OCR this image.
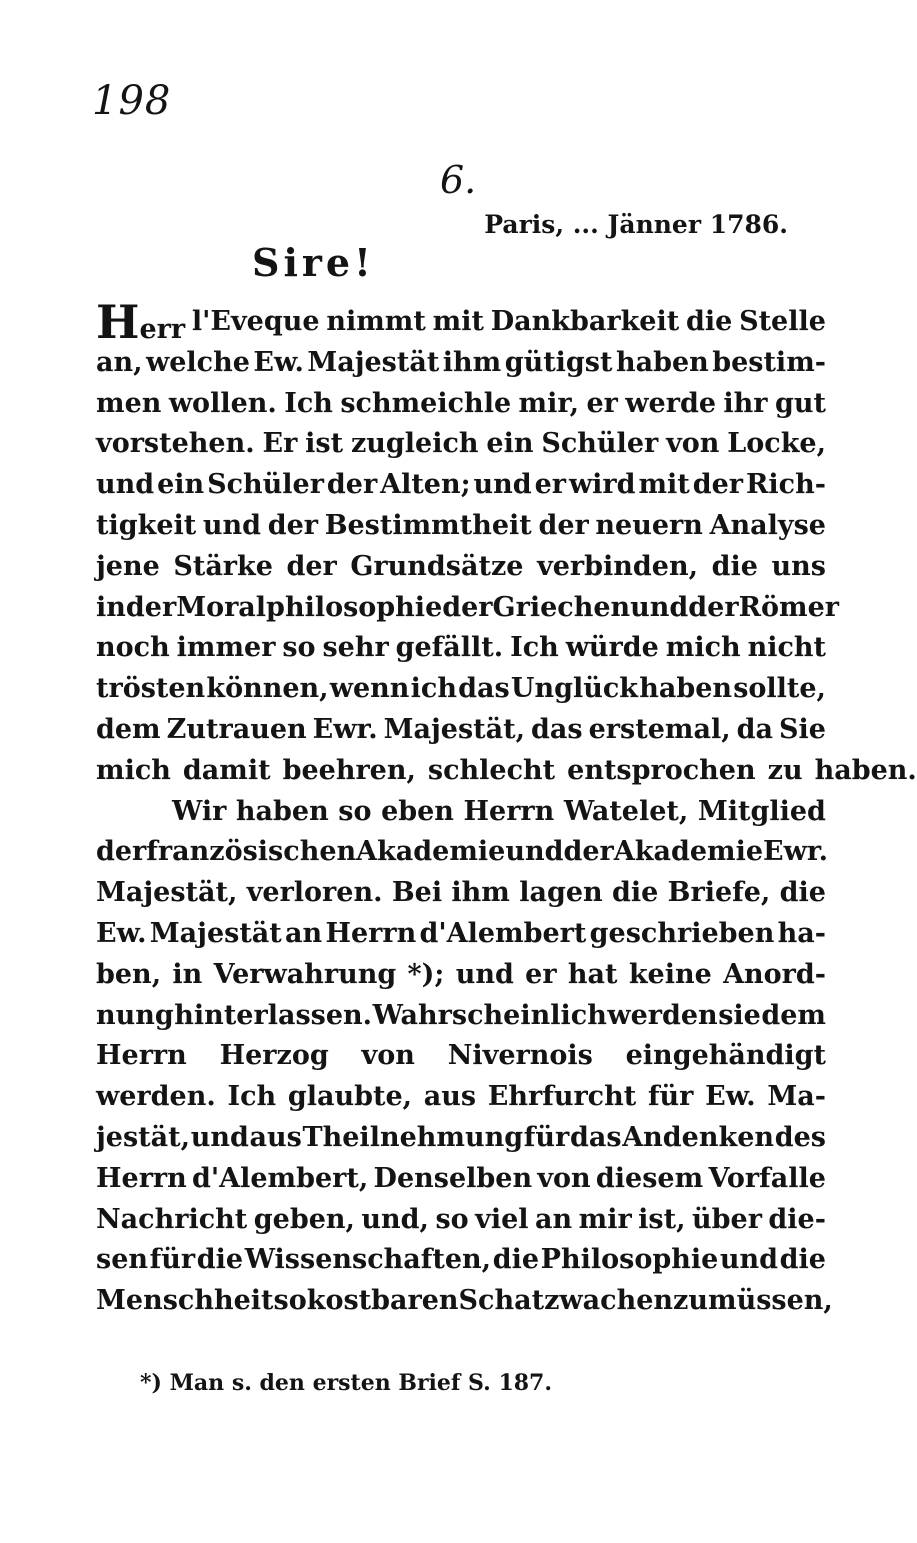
198
6.
Paris, ... Jänner 1786.
Sire!
Herr l'Eveque nimmt mit Dankbarkeit die Stelle
an, welche Ew. Majestät ihm gütigst haben bestim-
men wollen. Ich schmeichle mir, er werde ihr gut
vorstehen. Er ist zugleich ein Schüler von Locke,
und ein Schüler der Alten; und er wird mit der Rich-
tigkeit und der Bestimmtheit der neuern Analyse
jene Stärke der Grundsätze verbinden, die uns
in der Moralphilosophie der Griechen und der Römer
noch immer so sehr gefällt. Ich würde mich nicht
trösten können, wenn ich das Unglück haben sollte,
dem Zutrauen Ewr. Majestät, das erstemal, da Sie
mich damit beehren, schlecht entsprochen zu haben.
Wir haben so eben Herrn Watelet, Mitglied
der französischen Akademie und der Akademie Ewr.
Majestät, verloren. Bei ihm lagen die Briefe, die
Ew. Majestät an Herrn d'Alembert geschrieben ha-
ben, in Verwahrung *); und er hat keine Anord-
nung hinterlassen. Wahrscheinlich werden sie dem
Herrn Herzog von Nivernois eingehändigt
werden. Ich glaubte, aus Ehrfurcht für Ew. Ma-
jestät, und aus Theilnehmung für das Andenken des
Herrn d'Alembert, Denselben von diesem Vorfalle
Nachricht geben, und, so viel an mir ist, über die-
sen für die Wissenschaften, die Philosophie und die
Menschheit so kostbaren Schatz wachen zu müssen,
*) Man s. den ersten Brief S. 187.
